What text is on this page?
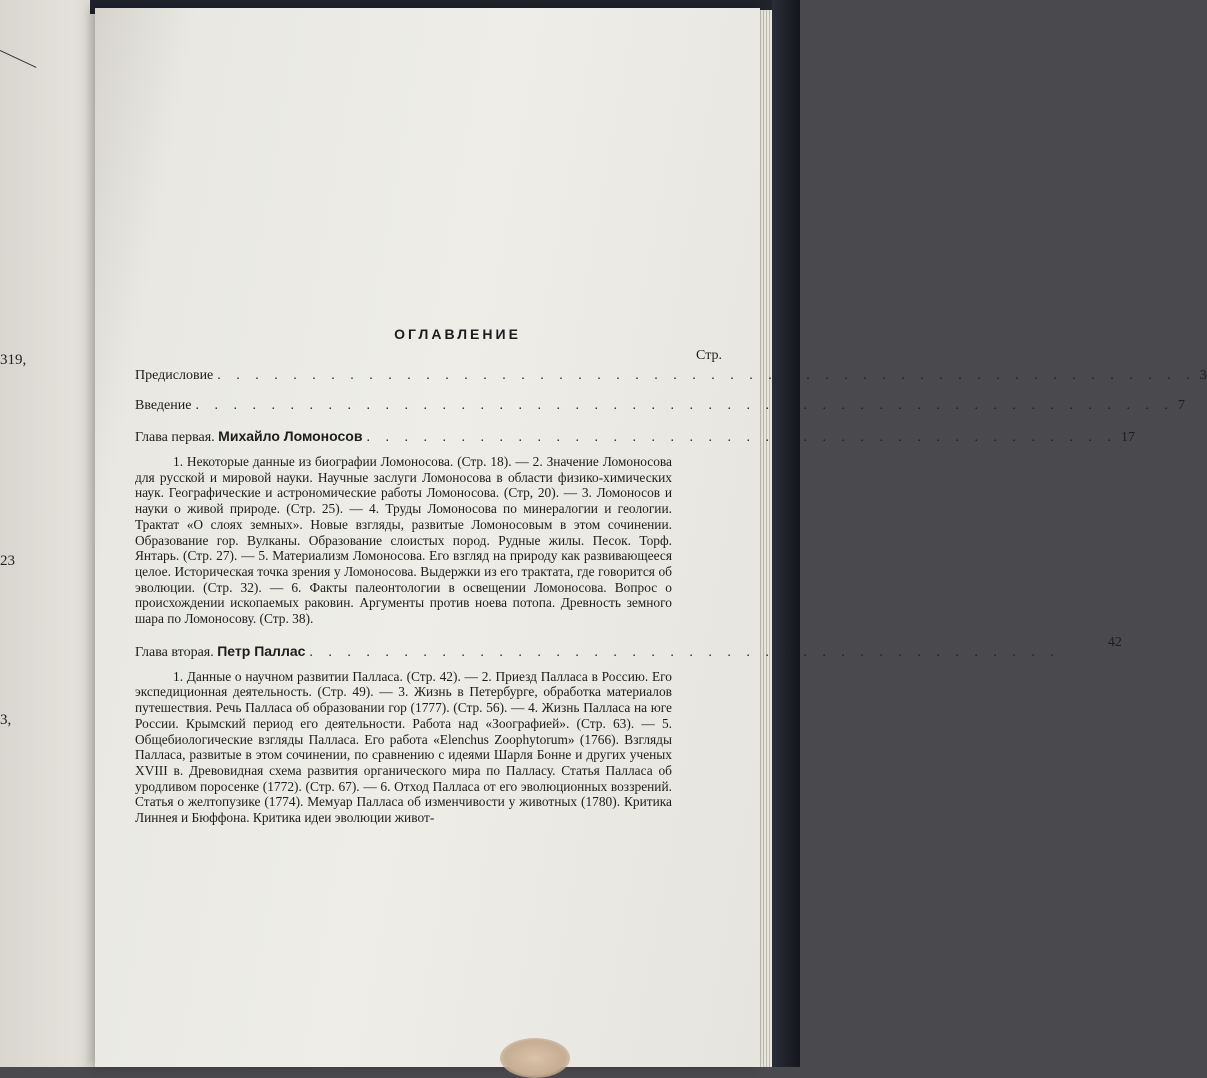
319,
23
3,
ОГЛАВЛЕНИЕ
Стр.
Предисловие . . . . . . . . . . . . . . . . . . . . . . . . . . . . . . . . . . . . . . . . . . . . . . . . . . . . 3
Введение . . . . . . . . . . . . . . . . . . . . . . . . . . . . . . . . . . . . . . . . . . . . . . . . . . . . 7
Глава первая. Михайло Ломоносов . . . . . . . . . . . . . . . . . . . . . . . . . . . . . . . . . . . . . . . . 17

1. Некоторые данные из биографии Ломоносова. (Стр. 18). — 2. Значение Ломоносова для русской и мировой науки. Научные заслуги Ломоносова в области физико-химических наук. Географические и астрономические работы Ломоносова. (Стр, 20). — 3. Ломоносов и науки о живой природе. (Стр. 25). — 4. Труды Ломоносова по минералогии и геологии. Трактат «О слоях земных». Новые взгляды, развитые Ломоносовым в этом сочинении. Образование гор. Вулканы. Образование слоистых пород. Рудные жилы. Песок. Торф. Янтарь. (Стр. 27). — 5. Материализм Ломоносова. Его взгляд на природу как развивающееся целое. Историческая точка зрения у Ломоносова. Выдержки из его трактата, где говорится об эволюции. (Стр. 32). — 6. Факты палеонтологии в освещении Ломоносова. Вопрос о происхождении ископаемых раковин. Аргументы против ноева потопа. Древность земного шара по Ломоносову. (Стр. 38).

Глава вторая. Петр Паллас . . . . . . . . . . . . . . . . . . . . . . . . . . . . . . . . . . . . . . . .
42

1. Данные о научном развитии Палласа. (Стр. 42). — 2. Приезд Палласа в Россию. Его экспедиционная деятельность. (Стр. 49). — 3. Жизнь в Петербурге, обработка материалов путешествия. Речь Палласа об образовании гор (1777). (Стр. 56). — 4. Жизнь Палласа на юге России. Крымский период его деятельности. Работа над «Зоографией». (Стр. 63). — 5. Общебиологические взгляды Палласа. Его работа «Elenchus Zoophytorum» (1766). Взгляды Палласа, развитые в этом сочинении, по сравнению с идеями Шарля Бонне и других ученых XVIII в. Древовидная схема развития органического мира по Палласу. Статья Палласа об уродливом поросенке (1772). (Стр. 67). — 6. Отход Палласа от его эволюционных воззрений. Статья о желтопузике (1774). Мемуар Палласа об изменчивости у животных (1780). Критика Линнея и Бюффона. Критика идеи эволюции живот-
